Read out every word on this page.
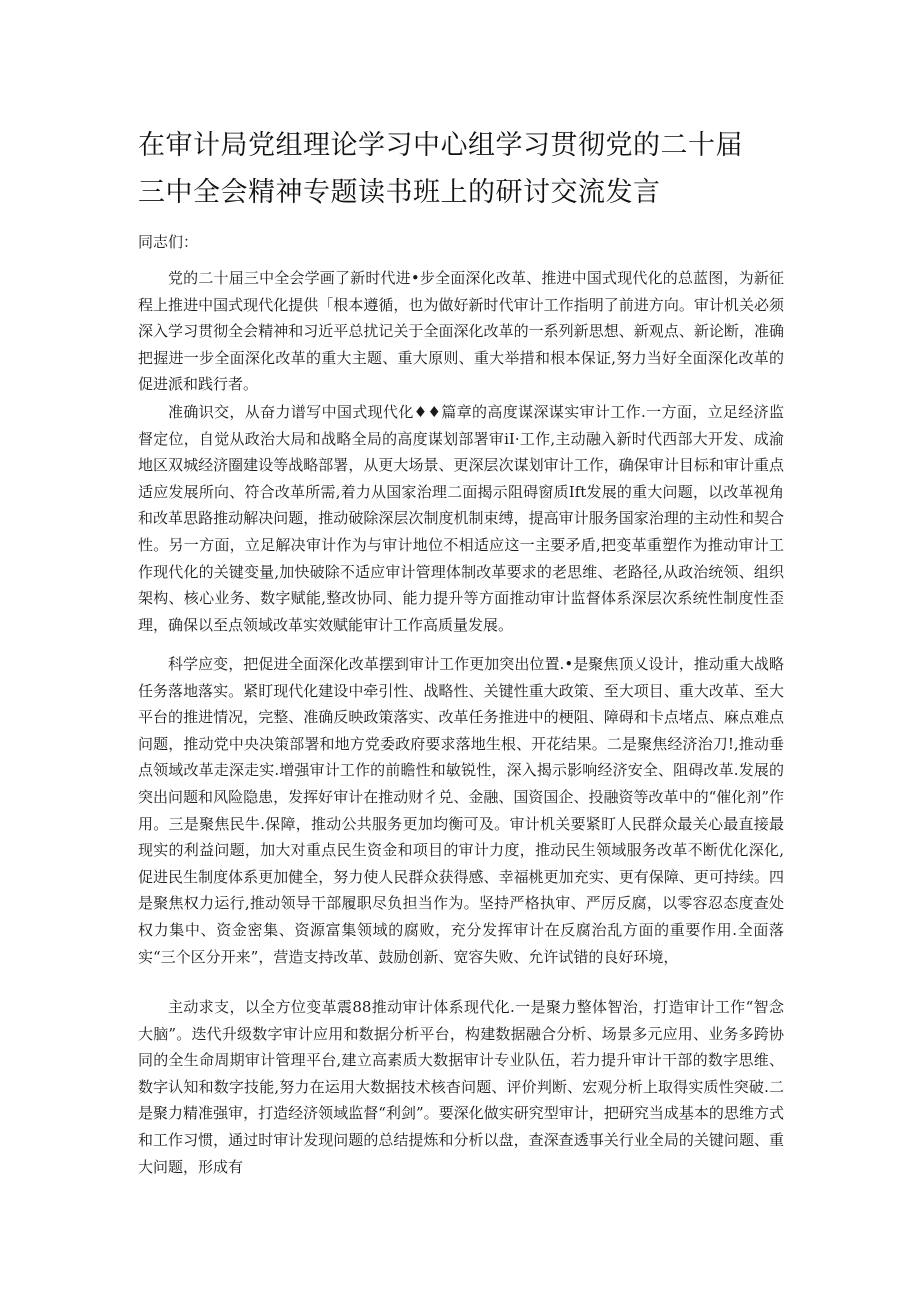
在审计局党组理论学习中心组学习贯彻党的二十届
三中全会精神专题读书班上的研讨交流发言
同志们：

党的二十届三中全会学画了新时代进•步全面深化改革、推进中国式现代化的总蓝图，为新征程上推进中国式现代化提供「根本遵循，也为做好新时代审计工作指明了前进方向。审计机关必须深入学习贯彻全会精神和习近平总扰记关于全面深化改革的一系列新思想、新观点、新论断，准确把握进一步全面深化改革的重大主题、重大原则、重大举措和根本保证,努力当好全面深化改革的促进派和践行者。

准确识交，从奋力谱写中国式现代化♦♦篇章的高度谋深谋实审计工作.一方面，立足经济监督定位，自觉从政治大局和战略全局的高度谋划部署审iI·工作,主动融入新时代西部大开发、成渝地区双城经济圈建设等战略部署，从更大场景、更深层次谋划审计工作，确保审计目标和审计重点适应发展所向、符合改革所需,着力从国家治理二面揭示阻碍窗质Ift发展的重大问题，以改革视角和改革思路推动解决问题，推动破除深层次制度机制束缚，提高审计服务国家治理的主动性和契合性。另一方面，立足解决审计作为与审计地位不相适应这一主要矛盾,把变革重塑作为推动审计工作现代化的关键变量,加快破除不适应审计管理体制改革要求的老思维、老路径,从政治统领、组织架构、核心业务、数字赋能,整改协同、能力提升等方面推动审计监督体系深层次系统性制度性歪理，确保以至点领域改革实效赋能审计工作高质量发展。

科学应变，把促进全面深化改革摆到审计工作更加突出位置.•是聚焦顶乂设计，推动重大战略任务落地落实。紧盯现代化建设中牵引性、战略性、关键性重大政策、至大项目、重大改革、至大平台的推进情况，完整、准确反映政策落实、改革任务推进中的梗阻、障碍和卡点堵点、麻点难点问题，推动党中央决策部署和地方党委政府要求落地生根、开花结果。二是聚焦经济治刀!,推动垂点领域改革走深走实.增强审计工作的前瞻性和敏锐性，深入揭示影响经济安全、阻碍改革.发展的突出问题和风险隐患，发挥好审计在推动财彳兑、金融、国资国企、投融资等改革中的“催化剂”作用。三是聚焦民牛.保障，推动公共服务更加均衡可及。审计机关要紧盯人民群众最关心最直接最现实的利益问题，加大对重点民生资金和项目的审计力度，推动民生领域服务改革不断优化深化,促进民生制度体系更加健全，努力使人民群众获得感、幸福桃更加充实、更有保障、更可持续。四是聚焦权力运行,推动领导干部履职尽负担当作为。坚持严格执审、严厉反腐，以零容忍态度查处权力集中、资金密集、资源富集领域的腐败，充分发挥审计在反腐治乱方面的重要作用.全面落实“三个区分开来”，营造支持改革、鼓励创新、宽容失败、允许试错的良好环境，

主动求支，以全方位变革震88推动审计体系现代化.一是聚力整体智治，打造审计工作“智念大脑”。迭代升级数字审计应用和数据分析平台，构建数据融合分析、场景多元应用、业务多跨协同的全生命周期审计管理平台,建立高素质大数据审计专业队伍，若力提升审计干部的数字思维、数字认知和数字技能,努力在运用大数据技术核杳问题、评价判断、宏观分析上取得实质性突破.二是聚力精准强审，打造经济领域监督“利剑”。要深化做实研究型审计，把研究当成基本的思维方式和工作习惯，通过时审计发现问题的总结提炼和分析以盘，查深查透事关行业全局的关键问题、重大问题，形成有
